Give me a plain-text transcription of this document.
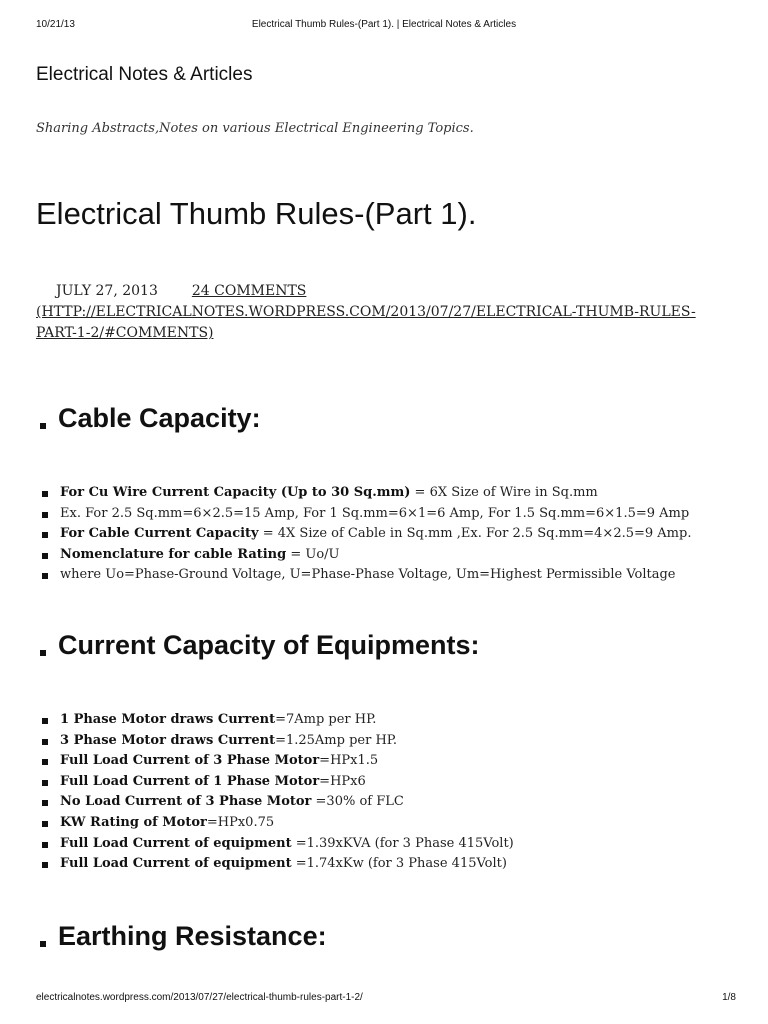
10/21/13	Electrical Thumb Rules-(Part 1). | Electrical Notes & Articles
Electrical Notes & Articles
Sharing Abstracts,Notes on various Electrical Engineering Topics.
Electrical Thumb Rules-(Part 1).
JULY 27, 2013 24 COMMENTS
(HTTP://ELECTRICALNOTES.WORDPRESS.COM/2013/07/27/ELECTRICAL-THUMB-RULES-PART-1-2/#COMMENTS)
Cable Capacity:
For Cu Wire Current Capacity (Up to 30 Sq.mm) = 6X Size of Wire in Sq.mm
Ex. For 2.5 Sq.mm=6×2.5=15 Amp, For 1 Sq.mm=6×1=6 Amp, For 1.5 Sq.mm=6×1.5=9 Amp
For Cable Current Capacity = 4X Size of Cable in Sq.mm ,Ex. For 2.5 Sq.mm=4×2.5=9 Amp.
Nomenclature for cable Rating = Uo/U
where Uo=Phase-Ground Voltage, U=Phase-Phase Voltage, Um=Highest Permissible Voltage
Current Capacity of Equipments:
1 Phase Motor draws Current=7Amp per HP.
3 Phase Motor draws Current=1.25Amp per HP.
Full Load Current of 3 Phase Motor=HPx1.5
Full Load Current of 1 Phase Motor=HPx6
No Load Current of 3 Phase Motor =30% of FLC
KW Rating of Motor=HPx0.75
Full Load Current of equipment =1.39xKVA (for 3 Phase 415Volt)
Full Load Current of equipment =1.74xKw (for 3 Phase 415Volt)
Earthing Resistance:
electricalnotes.wordpress.com/2013/07/27/electrical-thumb-rules-part-1-2/	1/8
